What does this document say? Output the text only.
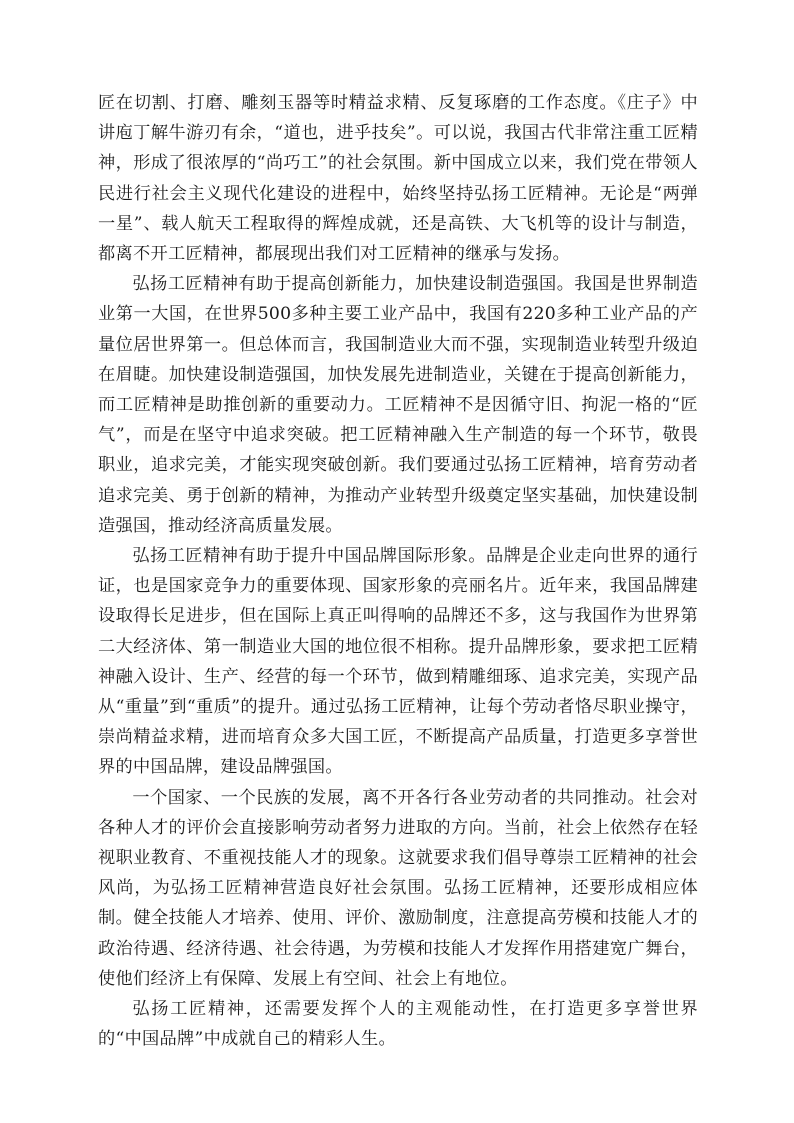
匠在切割、打磨、雕刻玉器等时精益求精、反复琢磨的工作态度。《庄子》中讲庖丁解牛游刃有余，“道也，进乎技矣”。可以说，我国古代非常注重工匠精神，形成了很浓厚的“尚巧工”的社会氛围。新中国成立以来，我们党在带领人民进行社会主义现代化建设的进程中，始终坚持弘扬工匠精神。无论是“两弹一星”、载人航天工程取得的辉煌成就，还是高铁、大飞机等的设计与制造，都离不开工匠精神，都展现出我们对工匠精神的继承与发扬。

弘扬工匠精神有助于提高创新能力，加快建设制造强国。我国是世界制造业第一大国，在世界500多种主要工业产品中，我国有220多种工业产品的产量位居世界第一。但总体而言，我国制造业大而不强，实现制造业转型升级迫在眉睫。加快建设制造强国，加快发展先进制造业，关键在于提高创新能力，而工匠精神是助推创新的重要动力。工匠精神不是因循守旧、拘泥一格的“匠气”，而是在坚守中追求突破。把工匠精神融入生产制造的每一个环节，敬畏职业，追求完美，才能实现突破创新。我们要通过弘扬工匠精神，培育劳动者追求完美、勇于创新的精神，为推动产业转型升级奠定坚实基础，加快建设制造强国，推动经济高质量发展。

弘扬工匠精神有助于提升中国品牌国际形象。品牌是企业走向世界的通行证，也是国家竞争力的重要体现、国家形象的亮丽名片。近年来，我国品牌建设取得长足进步，但在国际上真正叫得响的品牌还不多，这与我国作为世界第二大经济体、第一制造业大国的地位很不相称。提升品牌形象，要求把工匠精神融入设计、生产、经营的每一个环节，做到精雕细琢、追求完美，实现产品从“重量”到“重质”的提升。通过弘扬工匠精神，让每个劳动者恪尽职业操守，崇尚精益求精，进而培育众多大国工匠，不断提高产品质量，打造更多享誉世界的中国品牌，建设品牌强国。

一个国家、一个民族的发展，离不开各行各业劳动者的共同推动。社会对各种人才的评价会直接影响劳动者努力进取的方向。当前，社会上依然存在轻视职业教育、不重视技能人才的现象。这就要求我们倡导尊崇工匠精神的社会风尚，为弘扬工匠精神营造良好社会氛围。弘扬工匠精神，还要形成相应体制。健全技能人才培养、使用、评价、激励制度，注意提高劳模和技能人才的政治待遇、经济待遇、社会待遇，为劳模和技能人才发挥作用搭建宽广舞台，使他们经济上有保障、发展上有空间、社会上有地位。

弘扬工匠精神，还需要发挥个人的主观能动性，在打造更多享誉世界的“中国品牌”中成就自己的精彩人生。
